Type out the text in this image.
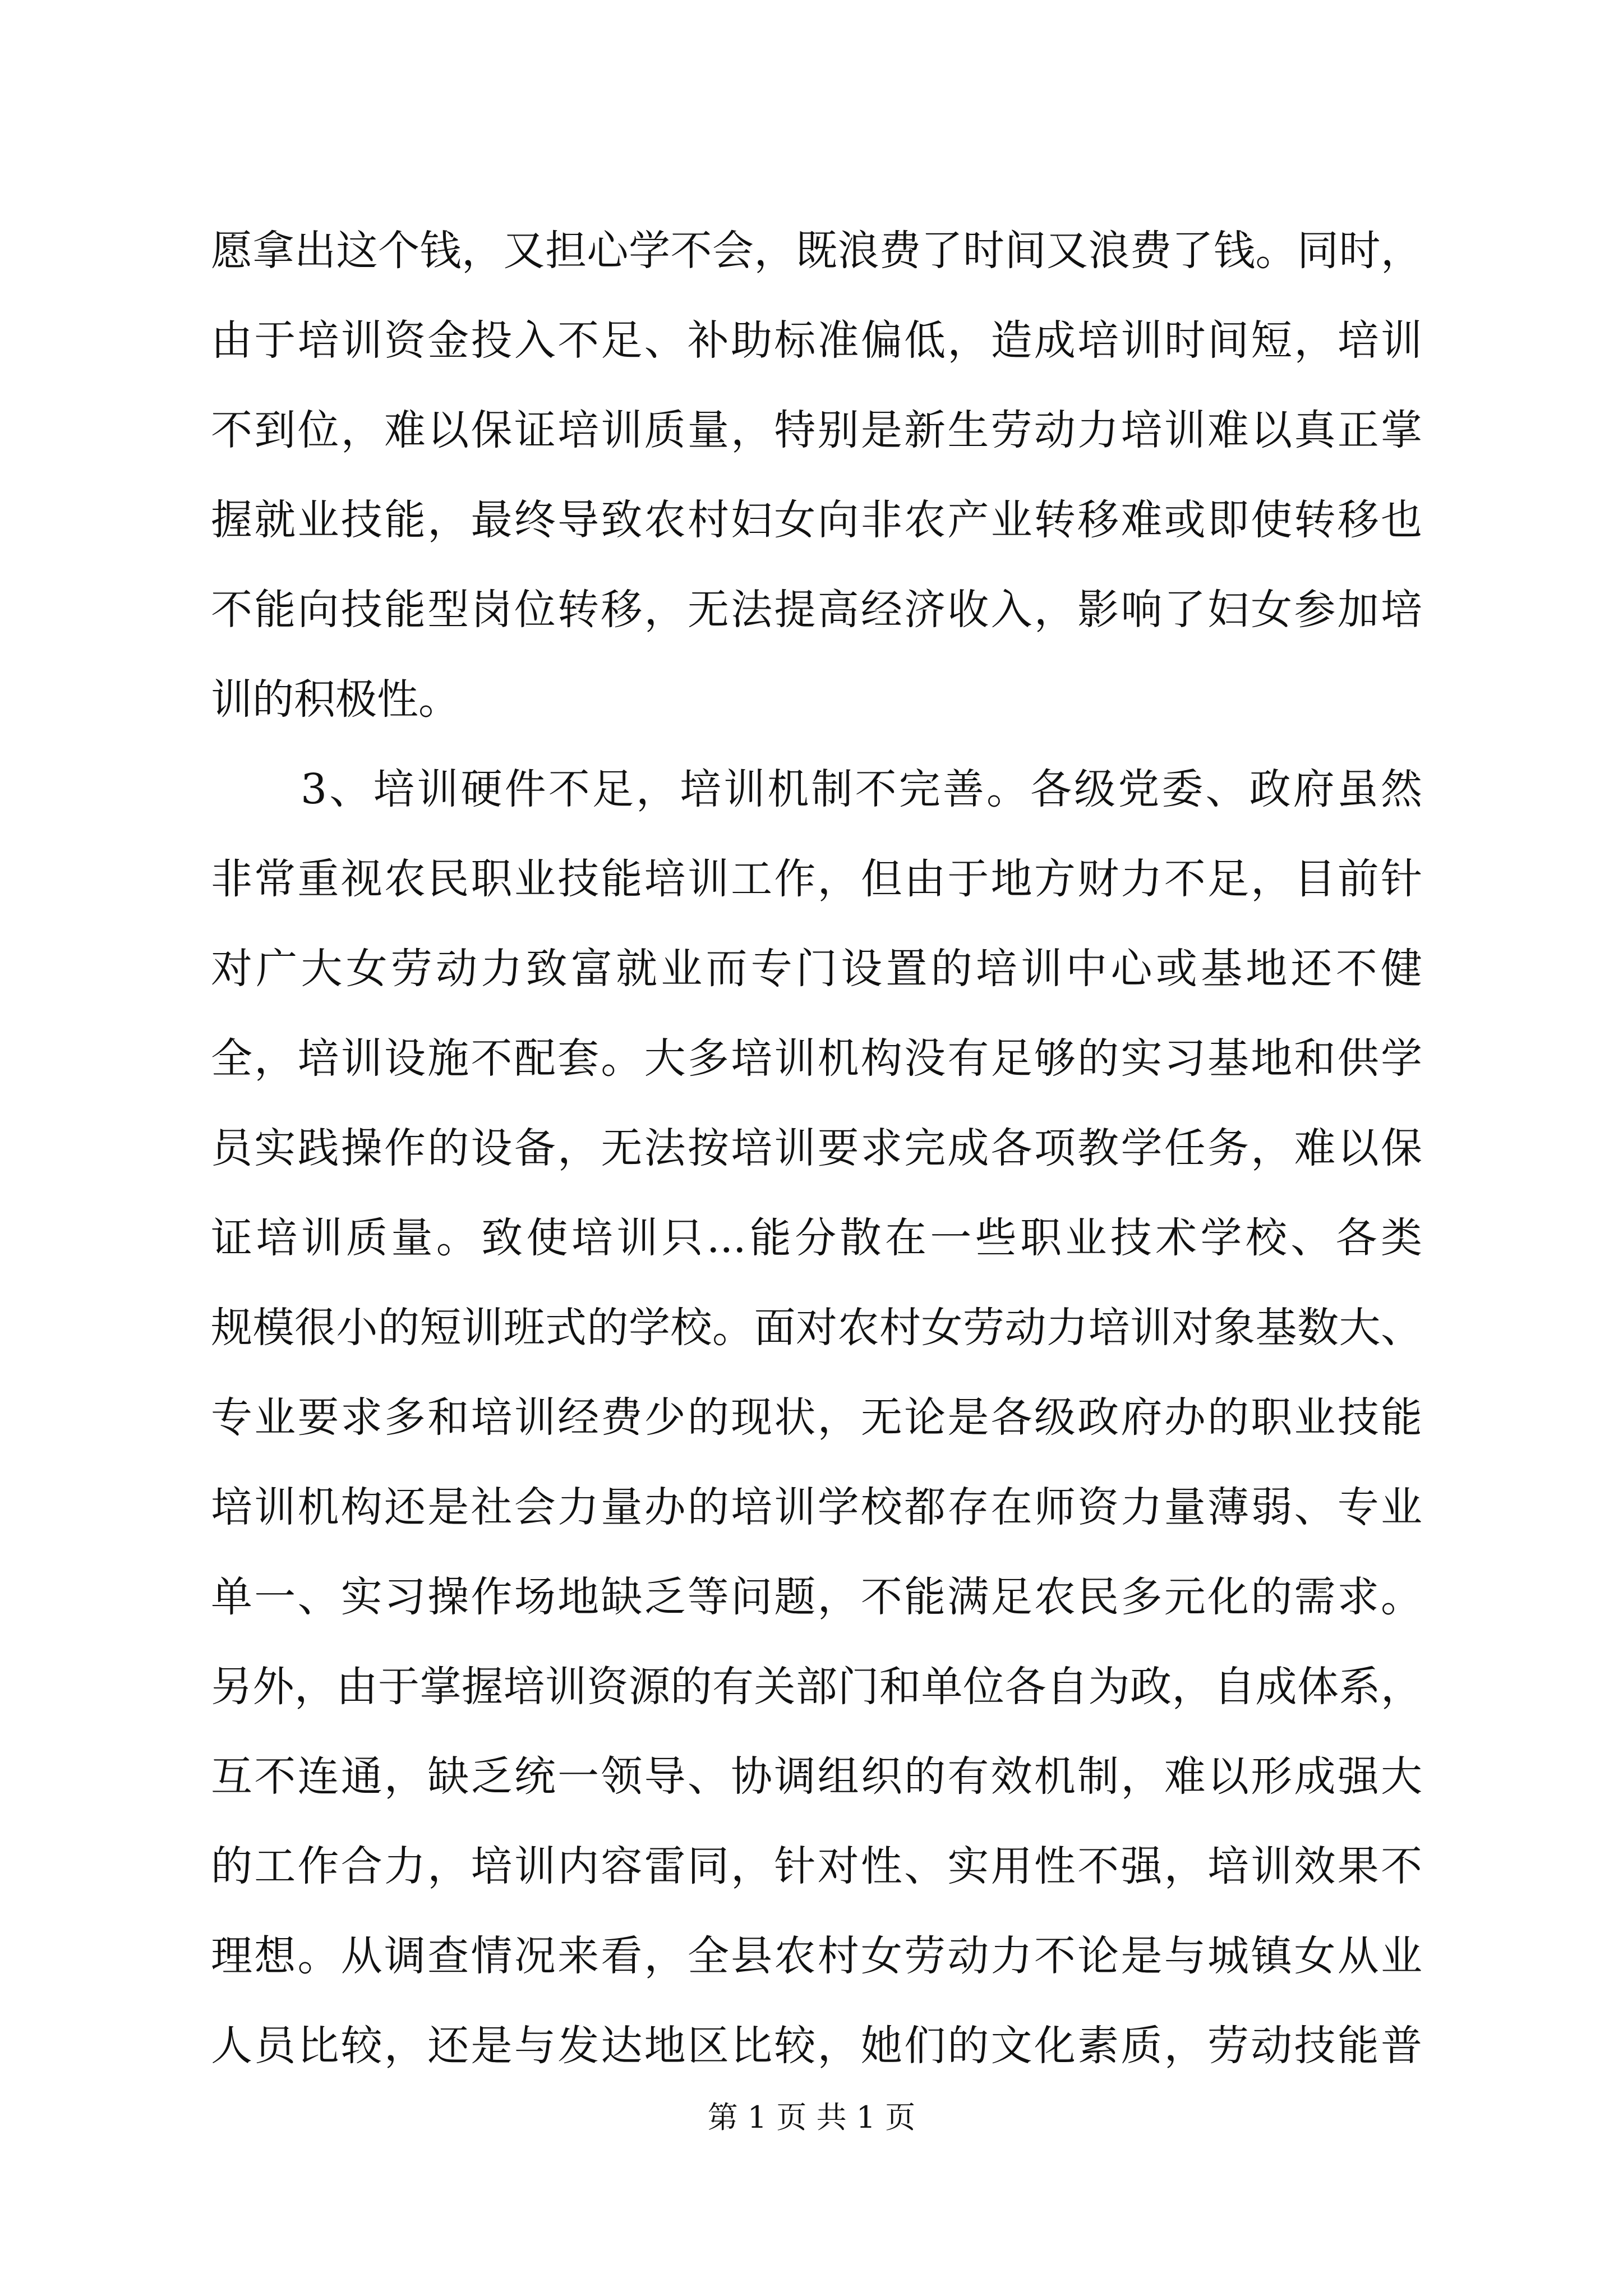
愿拿出这个钱，又担心学不会，既浪费了时间又浪费了钱。同时，
由于培训资金投入不足、补助标准偏低，造成培训时间短，培训
不到位，难以保证培训质量，特别是新生劳动力培训难以真正掌
握就业技能，最终导致农村妇女向非农产业转移难或即使转移也
不能向技能型岗位转移，无法提高经济收入，影响了妇女参加培
训的积极性。
3、培训硬件不足，培训机制不完善。各级党委、政府虽然
非常重视农民职业技能培训工作，但由于地方财力不足，目前针
对广大女劳动力致富就业而专门设置的培训中心或基地还不健
全，培训设施不配套。大多培训机构没有足够的实习基地和供学
员实践操作的设备，无法按培训要求完成各项教学任务，难以保
证培训质量。致使培训只...能分散在一些职业技术学校、各类
规模很小的短训班式的学校。面对农村女劳动力培训对象基数大、
专业要求多和培训经费少的现状，无论是各级政府办的职业技能
培训机构还是社会力量办的培训学校都存在师资力量薄弱、专业
单一、实习操作场地缺乏等问题，不能满足农民多元化的需求。
另外，由于掌握培训资源的有关部门和单位各自为政，自成体系，
互不连通，缺乏统一领导、协调组织的有效机制，难以形成强大
的工作合力，培训内容雷同，针对性、实用性不强，培训效果不
理想。从调查情况来看，全县农村女劳动力不论是与城镇女从业
人员比较，还是与发达地区比较，她们的文化素质，劳动技能普
第 1 页 共 1 页
